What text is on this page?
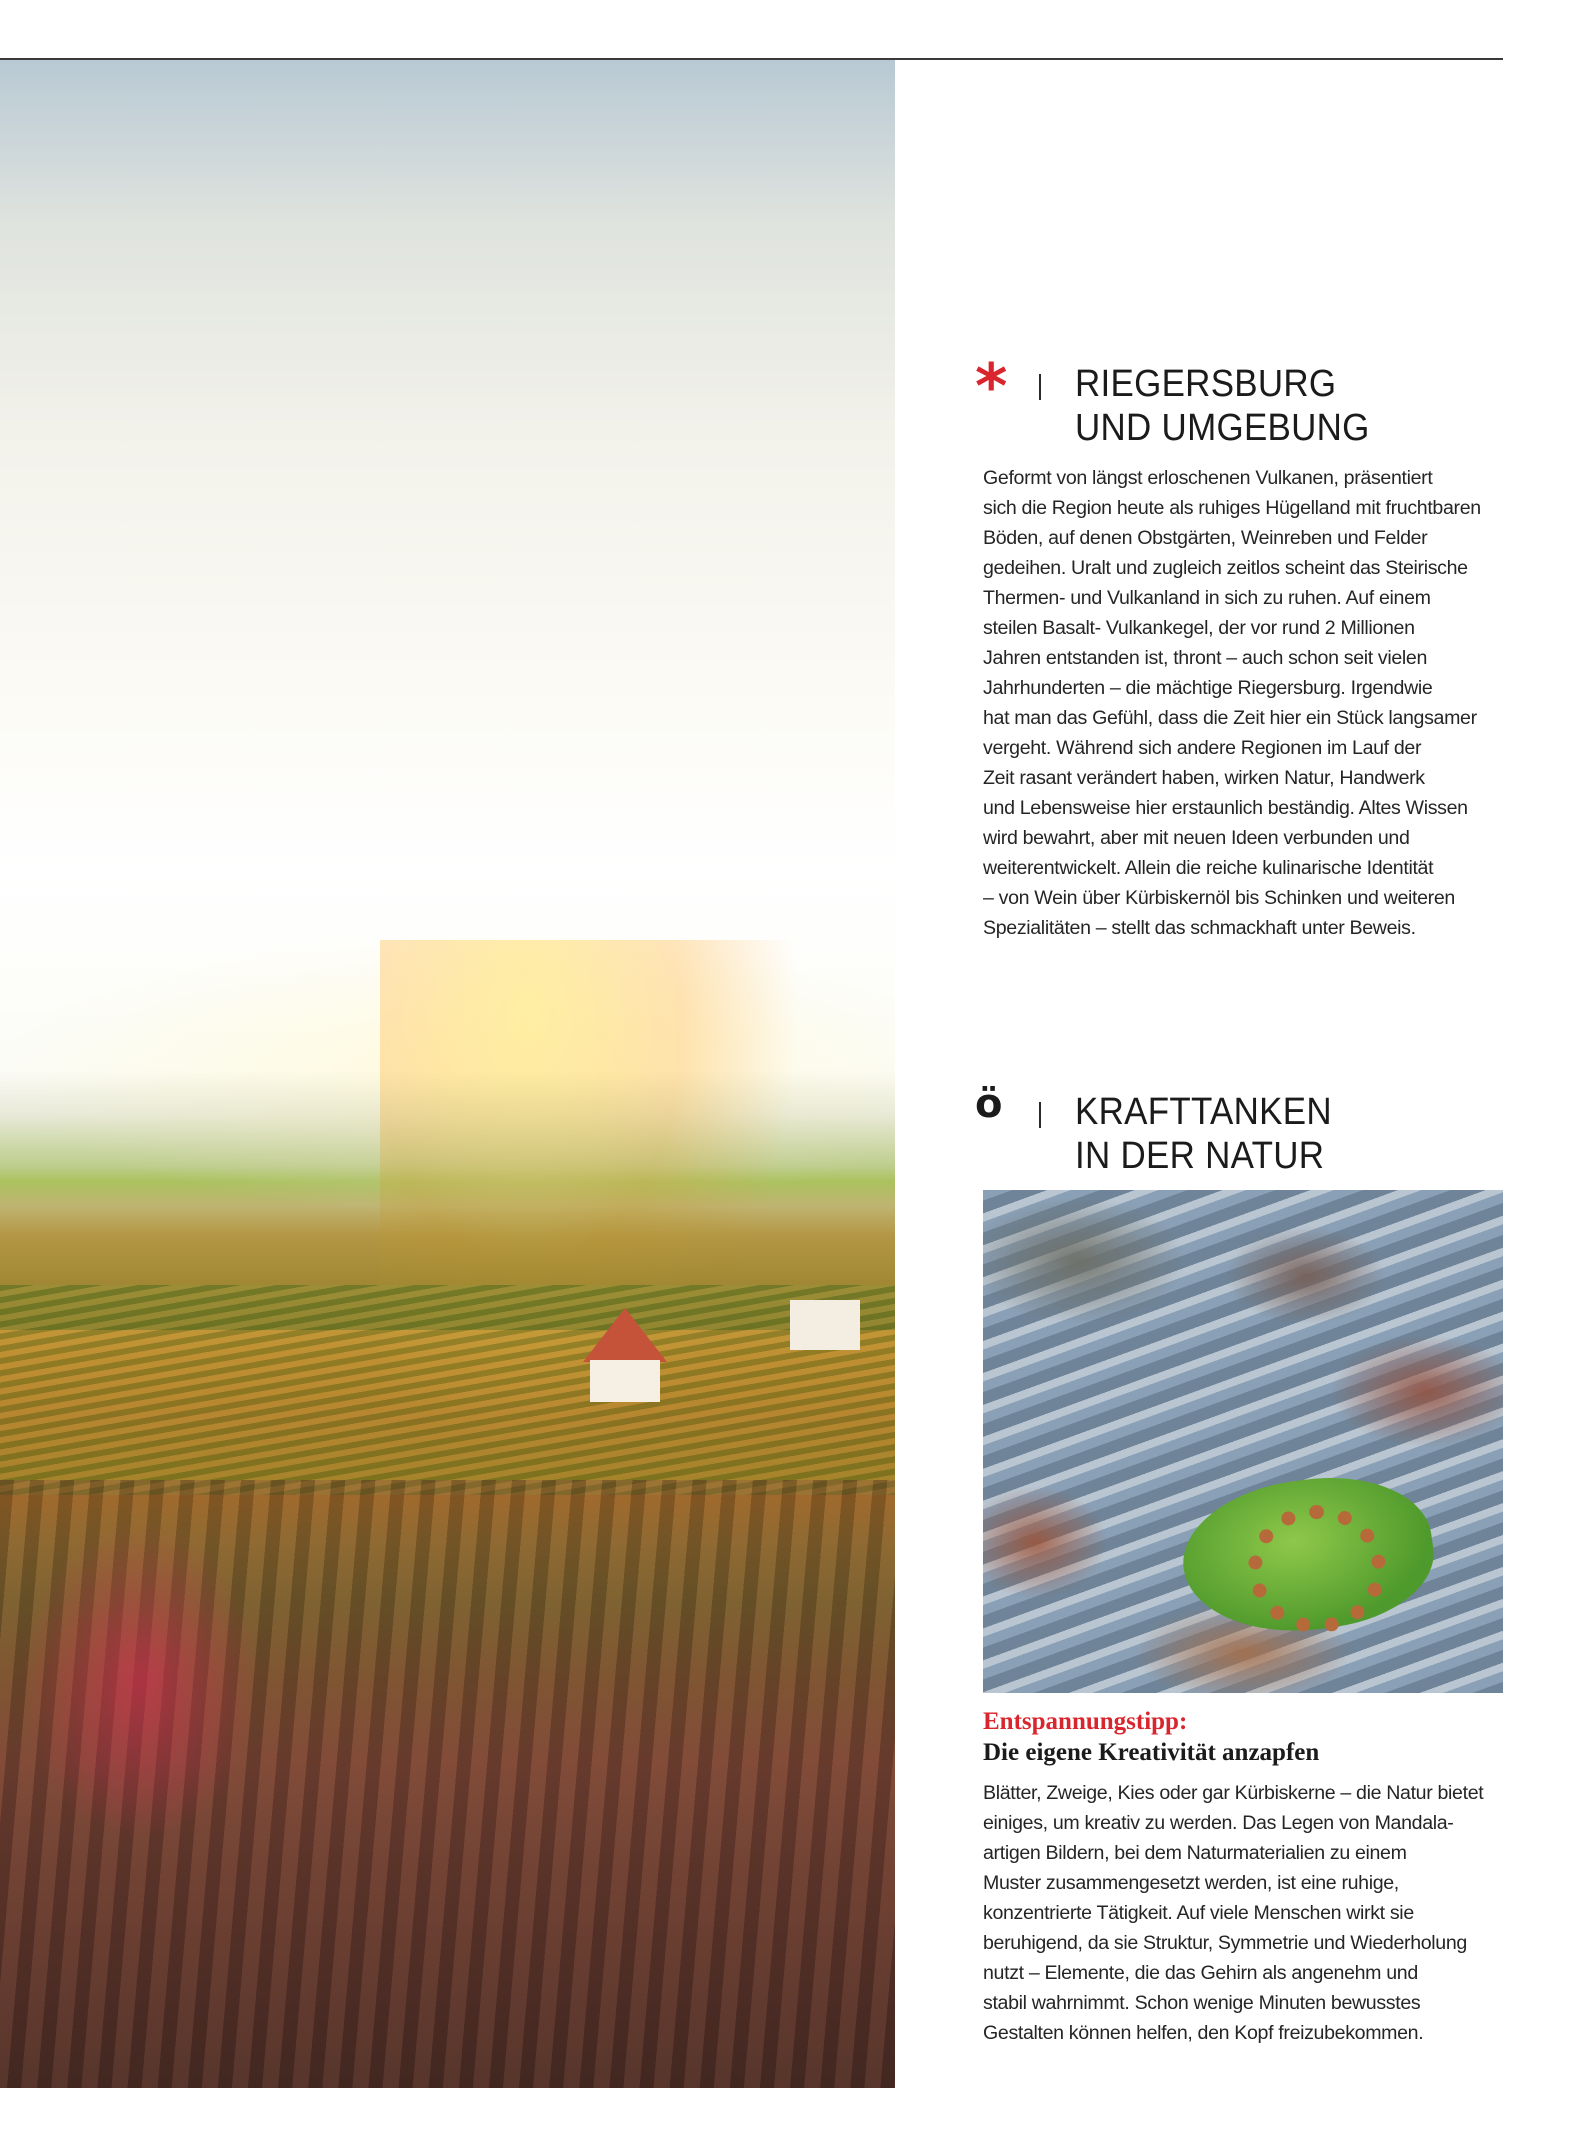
* RIEGERSBURG
UND UMGEBUNG
Geformt von längst erloschenen Vulkanen, präsentiert
sich die Region heute als ruhiges Hügelland mit fruchtbaren
Böden, auf denen Obstgärten, Weinreben und Felder
gedeihen. Uralt und zugleich zeitlos scheint das Steirische
Thermen- und Vulkanland in sich zu ruhen. Auf einem
steilen Basalt- Vulkankegel, der vor rund 2 Millionen
Jahren entstanden ist, thront – auch schon seit vielen
Jahrhunderten – die mächtige Riegersburg. Irgendwie
hat man das Gefühl, dass die Zeit hier ein Stück langsamer
vergeht. Während sich andere Regionen im Lauf der
Zeit rasant verändert haben, wirken Natur, Handwerk
und Lebensweise hier erstaunlich beständig. Altes Wissen
wird bewahrt, aber mit neuen Ideen verbunden und
weiterentwickelt. Allein die reiche kulinarische Identität
– von Wein über Kürbiskernöl bis Schinken und weiteren
Spezialitäten – stellt das schmackhaft unter Beweis.
ö KRAFTTANKEN
IN DER NATUR
Entspannungstipp:
Die eigene Kreativität anzapfen
Blätter, Zweige, Kies oder gar Kürbiskerne – die Natur bietet
einiges, um kreativ zu werden. Das Legen von Mandala-
artigen Bildern, bei dem Naturmaterialien zu einem
Muster zusammengesetzt werden, ist eine ruhige,
konzentrierte Tätigkeit. Auf viele Menschen wirkt sie
beruhigend, da sie Struktur, Symmetrie und Wiederholung
nutzt – Elemente, die das Gehirn als angenehm und
stabil wahrnimmt. Schon wenige Minuten bewusstes
Gestalten können helfen, den Kopf freizubekommen.
